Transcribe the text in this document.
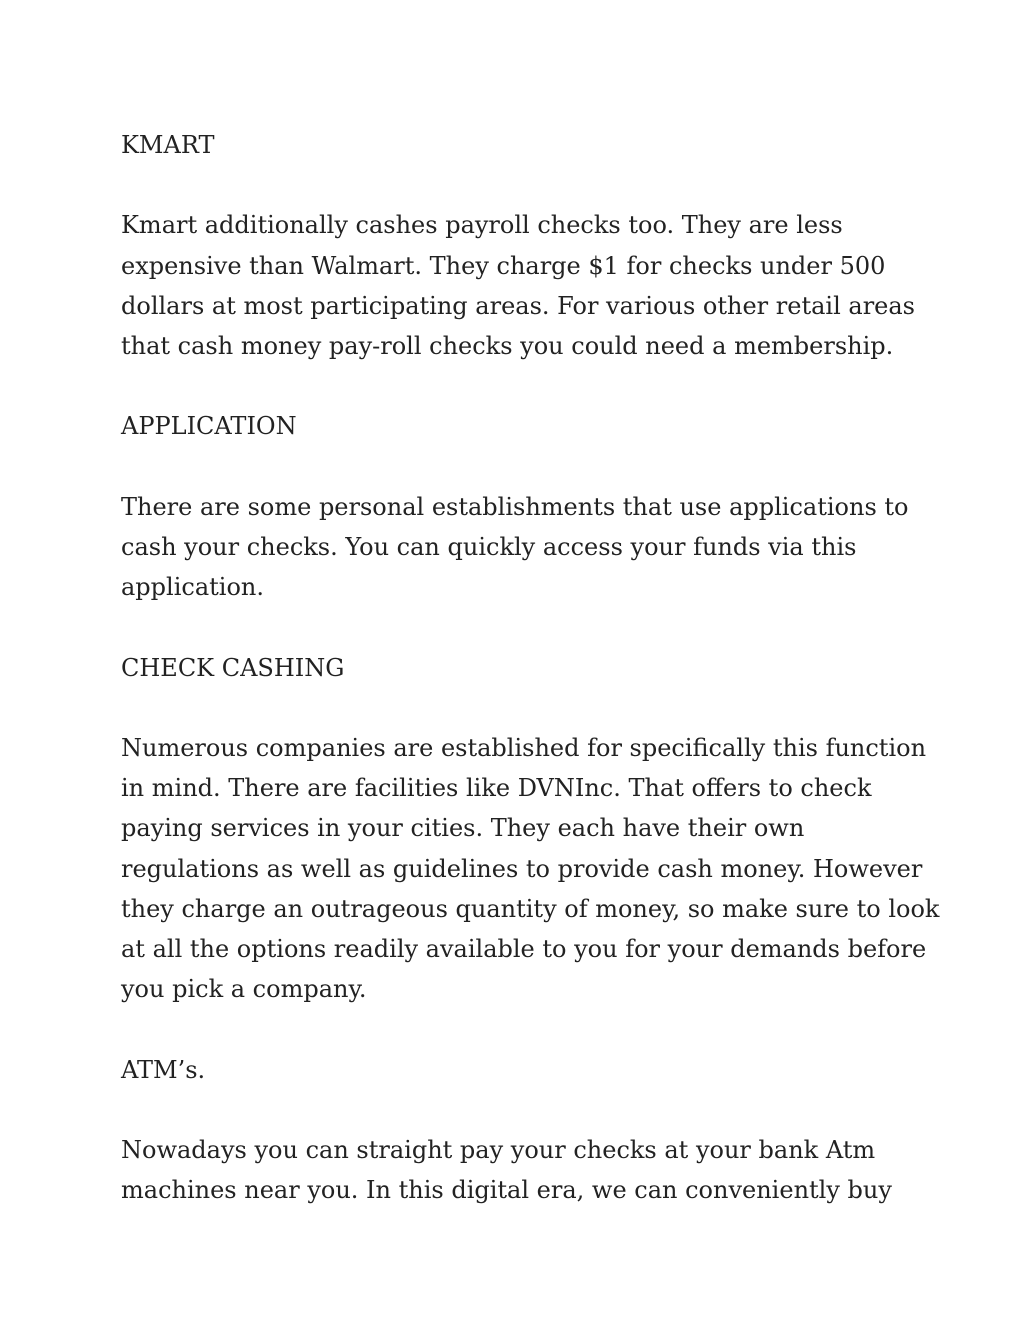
KMART

Kmart additionally cashes payroll checks too. They are less
expensive than Walmart. They charge $1 for checks under 500
dollars at most participating areas. For various other retail areas
that cash money pay-roll checks you could need a membership.

APPLICATION

There are some personal establishments that use applications to
cash your checks. You can quickly access your funds via this
application.

CHECK CASHING

Numerous companies are established for specifically this function
in mind. There are facilities like DVNInc. That offers to check
paying services in your cities. They each have their own
regulations as well as guidelines to provide cash money. However
they charge an outrageous quantity of money, so make sure to look
at all the options readily available to you for your demands before
you pick a company.

ATM’s.

Nowadays you can straight pay your checks at your bank Atm
machines near you. In this digital era, we can conveniently buy
